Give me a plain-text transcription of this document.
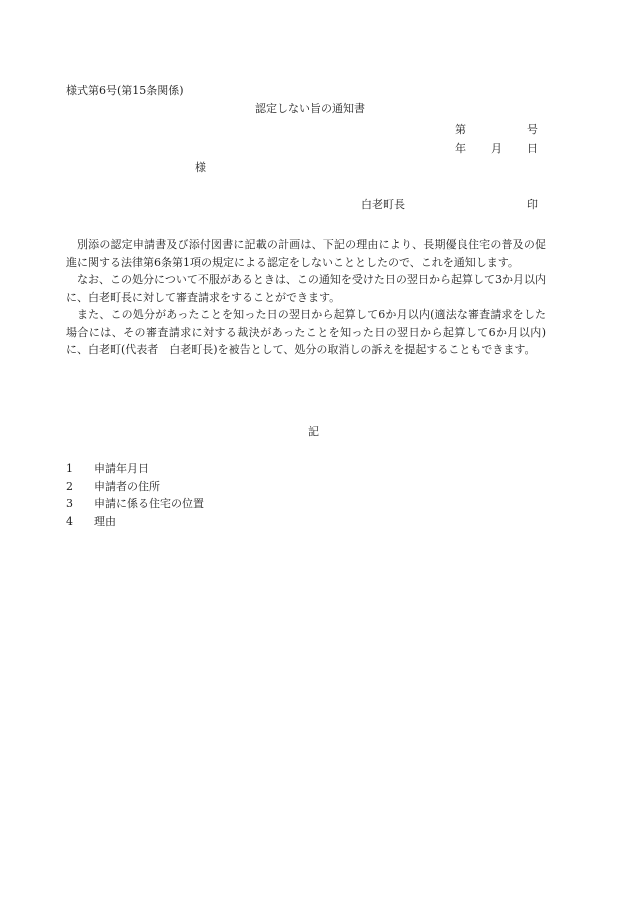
様式第6号(第15条関係)
認定しない旨の通知書
第	号
年 月 日
様
白老町長	印

別添の認定申請書及び添付図書に記載の計画は、下記の理由により、長期優良住宅の普及の促進に関する法律第6条第1項の規定による認定をしないこととしたので、これを通知します。

なお、この処分について不服があるときは、この通知を受けた日の翌日から起算して3か月以内に、白老町長に対して審査請求をすることができます。

また、この処分があったことを知った日の翌日から起算して6か月以内(適法な審査請求をした場合には、その審査請求に対する裁決があったことを知った日の翌日から起算して6か月以内)に、白老町(代表者　白老町長)を被告として、処分の取消しの訴えを提起することもできます。

記
1	申請年月日
2	申請者の住所
3	申請に係る住宅の位置
4	理由
